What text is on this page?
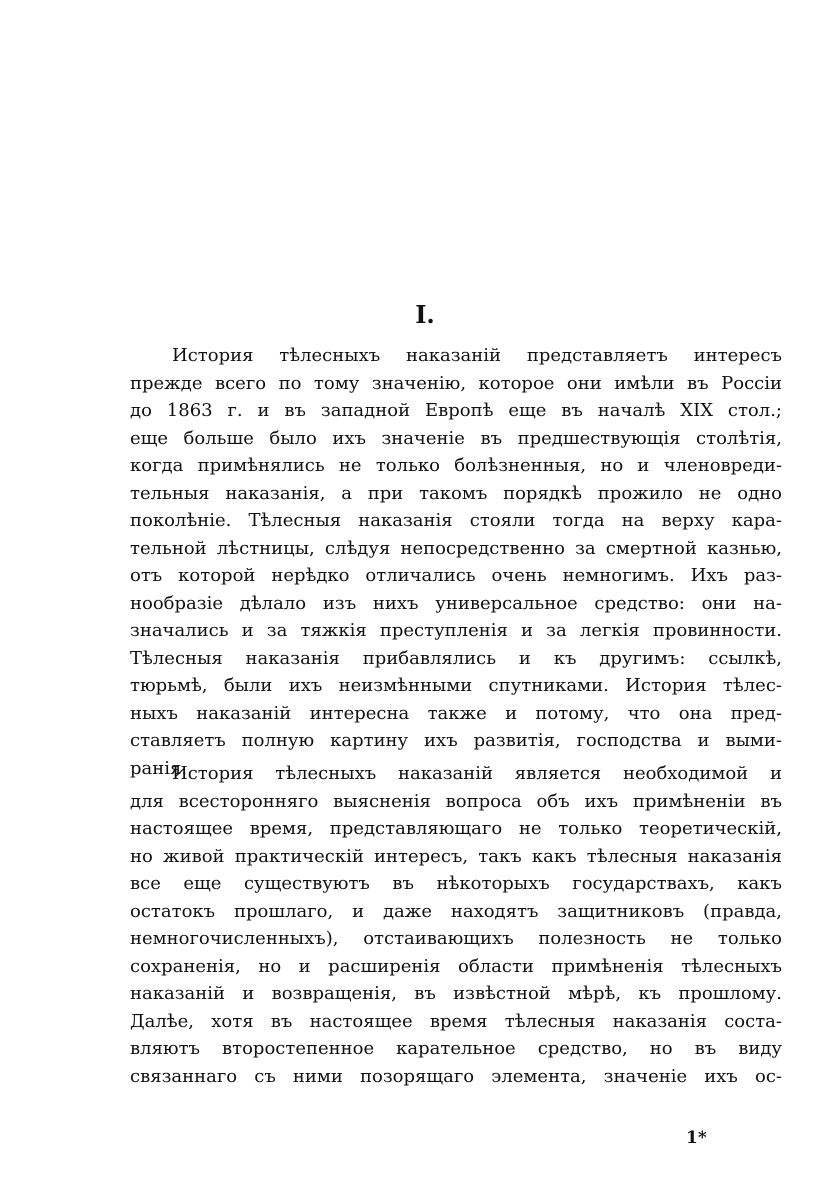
I.
История тѣлесныхъ наказаній представляетъ интересъ
прежде всего по тому значенію, которое они имѣли въ Россіи
до 1863 г. и въ западной Европѣ еще въ началѣ XIX стол.;
еще больше было ихъ значеніе въ предшествующія столѣтія,
когда примѣнялись не только болѣзненныя, но и членовреди-
тельныя наказанія, а при такомъ порядкѣ прожило не одно
поколѣніе. Тѣлесныя наказанія стояли тогда на верху кара-
тельной лѣстницы, слѣдуя непосредственно за смертной казнью,
отъ которой нерѣдко отличались очень немногимъ. Ихъ раз-
нообразіе дѣлало изъ нихъ универсальное средство: они на-
значались и за тяжкія преступленія и за легкія провинности.
Тѣлесныя наказанія прибавлялись и къ другимъ: ссылкѣ,
тюрьмѣ, были ихъ неизмѣнными спутниками. История тѣлес-
ныхъ наказаній интересна также и потому, что она пред-
ставляетъ полную картину ихъ развитія, господства и выми-
ранія.
История тѣлесныхъ наказаній является необходимой и
для всесторонняго выясненія вопроса объ ихъ примѣненіи въ
настоящее время, представляющаго не только теоретическій,
но живой практическій интересъ, такъ какъ тѣлесныя наказанія
все еще существуютъ въ нѣкоторыхъ государствахъ, какъ
остатокъ прошлаго, и даже находятъ защитниковъ (правда,
немногочисленныхъ), отстаивающихъ полезность не только
сохраненія, но и расширенія области примѣненія тѣлесныхъ
наказаній и возвращенія, въ извѣстной мѣрѣ, къ прошлому.
Далѣе, хотя въ настоящее время тѣлесныя наказанія соста-
вляютъ второстепенное карательное средство, но въ виду
связаннаго съ ними позорящаго элемента, значеніе ихъ ос-
1*
